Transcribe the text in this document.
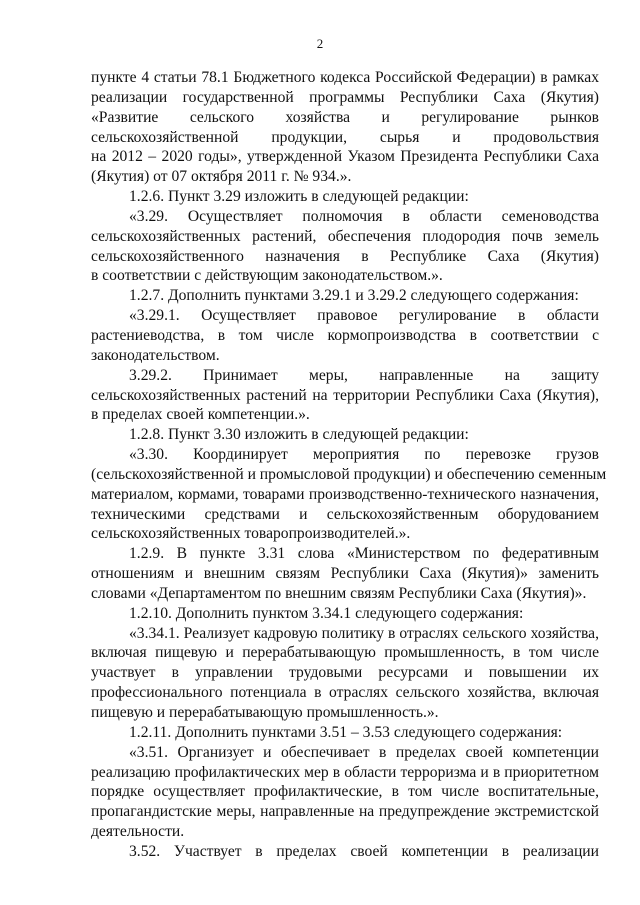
2

пункте 4 статьи 78.1 Бюджетного кодекса Российской Федерации) в рамках

реализации государственной программы Республики Саха (Якутия)

«Развитие сельского хозяйства и регулирование рынков

сельскохозяйственной продукции, сырья и продовольствия

на 2012 – 2020 годы», утвержденной Указом Президента Республики Саха

(Якутия) от 07 октября 2011 г. № 934.».

1.2.6. Пункт 3.29 изложить в следующей редакции:

«3.29. Осуществляет полномочия в области семеноводства

сельскохозяйственных растений, обеспечения плодородия почв земель

сельскохозяйственного назначения в Республике Саха (Якутия)

в соответствии с действующим законодательством.».

1.2.7. Дополнить пунктами 3.29.1 и 3.29.2 следующего содержания:

«3.29.1. Осуществляет правовое регулирование в области

растениеводства, в том числе кормопроизводства в соответствии с

законодательством.

3.29.2. Принимает меры, направленные на защиту

сельскохозяйственных растений на территории Республики Саха (Якутия),

в пределах своей компетенции.».

1.2.8. Пункт 3.30 изложить в следующей редакции:

«3.30. Координирует мероприятия по перевозке грузов

(сельскохозяйственной и промысловой продукции) и обеспечению семенным

материалом, кормами, товарами производственно-технического назначения,

техническими средствами и сельскохозяйственным оборудованием

сельскохозяйственных товаропроизводителей.».

1.2.9. В пункте 3.31 слова «Министерством по федеративным

отношениям и внешним связям Республики Саха (Якутия)» заменить

словами «Департаментом по внешним связям Республики Саха (Якутия)».

1.2.10. Дополнить пунктом 3.34.1 следующего содержания:

«3.34.1. Реализует кадровую политику в отраслях сельского хозяйства,

включая пищевую и перерабатывающую промышленность, в том числе

участвует в управлении трудовыми ресурсами и повышении их

профессионального потенциала в отраслях сельского хозяйства, включая

пищевую и перерабатывающую промышленность.».

1.2.11. Дополнить пунктами 3.51 – 3.53 следующего содержания:

«3.51. Организует и обеспечивает в пределах своей компетенции

реализацию профилактических мер в области терроризма и в приоритетном

порядке осуществляет профилактические, в том числе воспитательные,

пропагандистские меры, направленные на предупреждение экстремистской

деятельности.

3.52. Участвует в пределах своей компетенции в реализации
